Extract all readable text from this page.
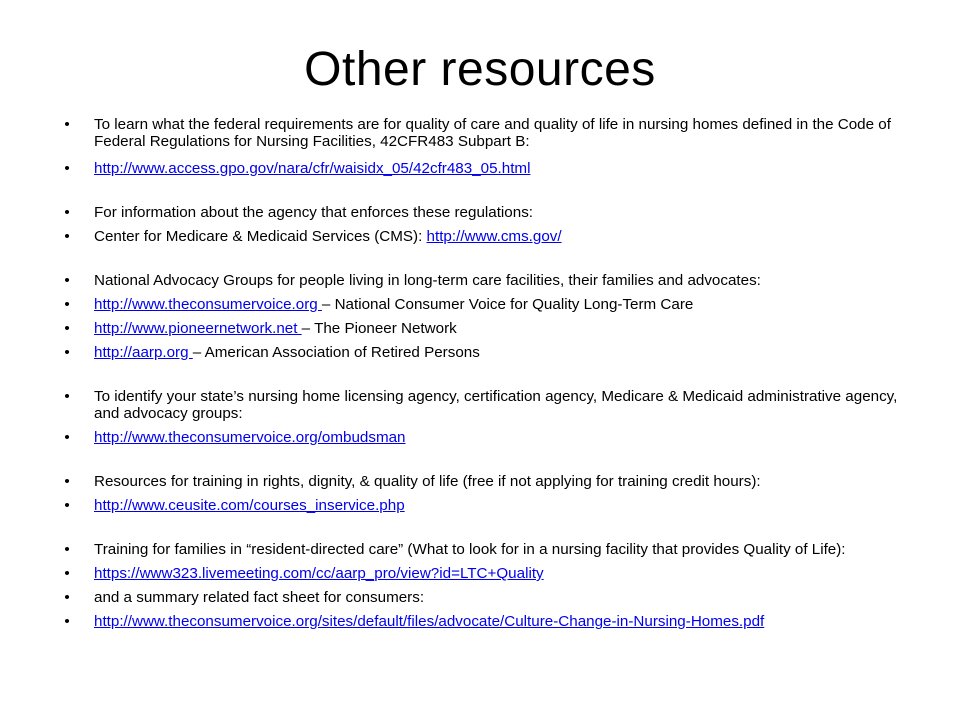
Other resources
• To learn what the federal requirements are for quality of care and quality of life in nursing homes defined in the Code of Federal Regulations for Nursing Facilities, 42CFR483 Subpart B:
• http://www.access.gpo.gov/nara/cfr/waisidx_05/42cfr483_05.html
• For information about the agency that enforces these regulations:
• Center for Medicare & Medicaid Services (CMS): http://www.cms.gov/
• National Advocacy Groups for people living in long-term care facilities, their families and advocates:
• http://www.theconsumervoice.org – National Consumer Voice for Quality Long-Term Care
• http://www.pioneernetwork.net – The Pioneer Network
• http://aarp.org – American Association of Retired Persons
• To identify your state’s nursing home licensing agency, certification agency, Medicare & Medicaid administrative agency, and advocacy groups:
• http://www.theconsumervoice.org/ombudsman
• Resources for training in rights, dignity, & quality of life (free if not applying for training credit hours):
• http://www.ceusite.com/courses_inservice.php
• Training for families in “resident-directed care” (What to look for in a nursing facility that provides Quality of Life):
• https://www323.livemeeting.com/cc/aarp_pro/view?id=LTC+Quality
• and a summary related fact sheet for consumers:
• http://www.theconsumervoice.org/sites/default/files/advocate/Culture-Change-in-Nursing-Homes.pdf
